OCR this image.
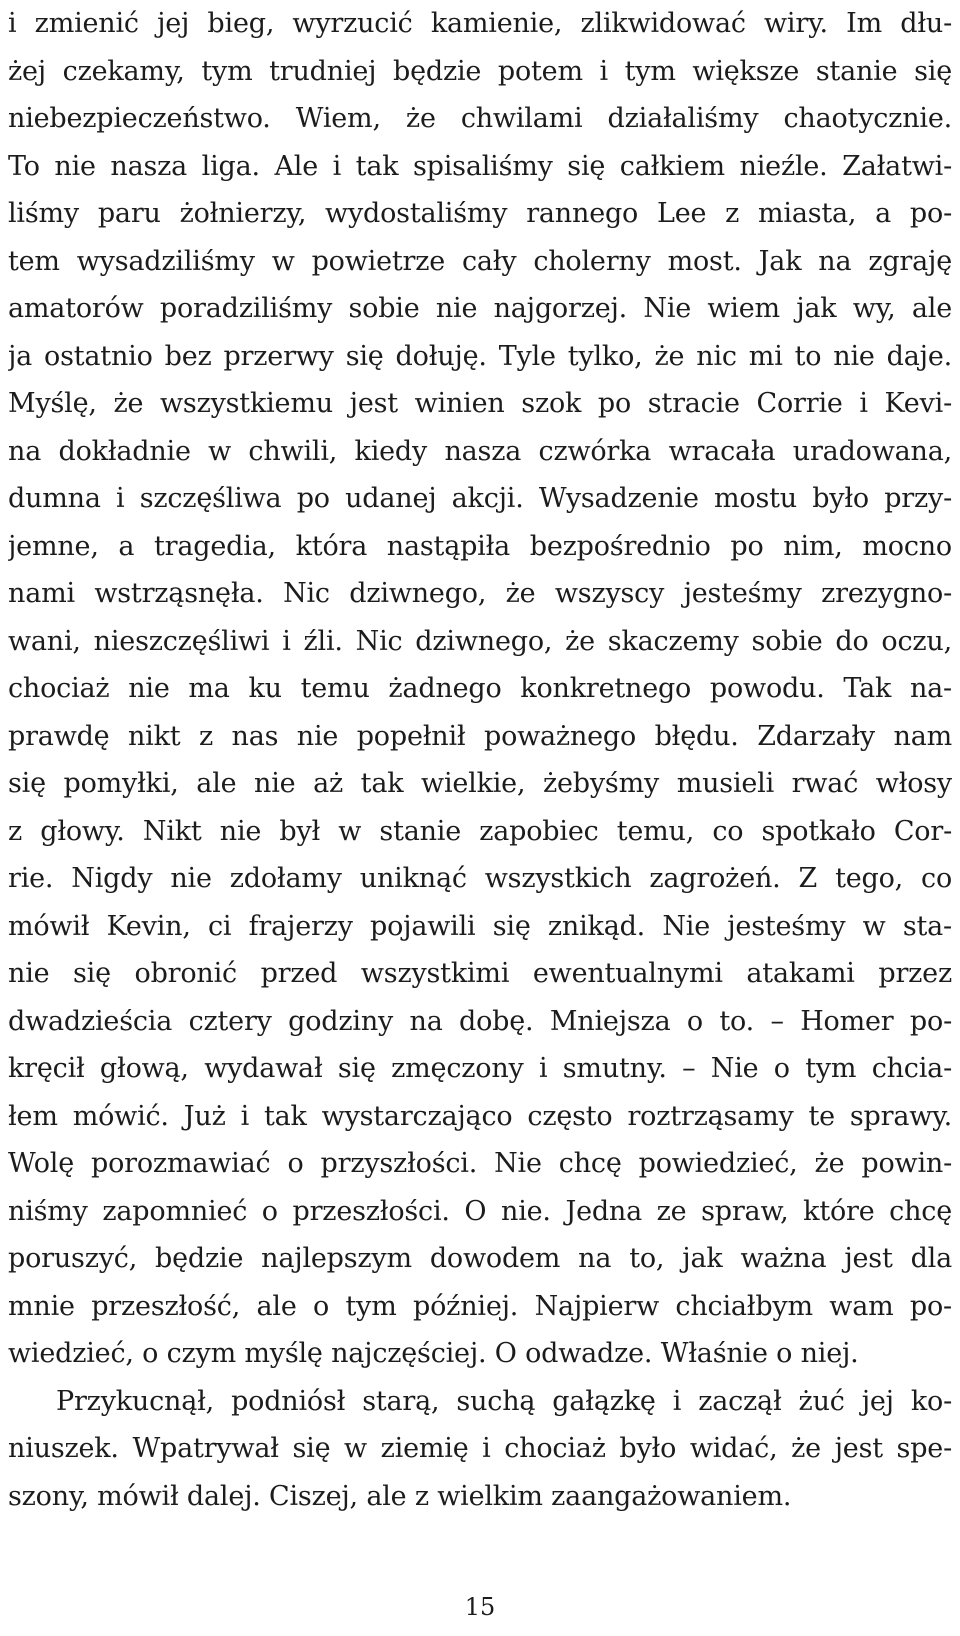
i zmienić jej bieg, wyrzucić kamienie, zlikwidować wiry. Im dłu-
żej czekamy, tym trudniej będzie potem i tym większe stanie się
niebezpieczeństwo. Wiem, że chwilami działaliśmy chaotycznie.
To nie nasza liga. Ale i tak spisaliśmy się całkiem nieźle. Załatwi-
liśmy paru żołnierzy, wydostaliśmy rannego Lee z miasta, a po-
tem wysadziliśmy w powietrze cały cholerny most. Jak na zgraję
amatorów poradziliśmy sobie nie najgorzej. Nie wiem jak wy, ale
ja ostatnio bez przerwy się dołuję. Tyle tylko, że nic mi to nie daje.
Myślę, że wszystkiemu jest winien szok po stracie Corrie i Kevi-
na dokładnie w chwili, kiedy nasza czwórka wracała uradowana,
dumna i szczęśliwa po udanej akcji. Wysadzenie mostu było przy-
jemne, a tragedia, która nastąpiła bezpośrednio po nim, mocno
nami wstrząsnęła. Nic dziwnego, że wszyscy jesteśmy zrezygno-
wani, nieszczęśliwi i źli. Nic dziwnego, że skaczemy sobie do oczu,
chociaż nie ma ku temu żadnego konkretnego powodu. Tak na-
prawdę nikt z nas nie popełnił poważnego błędu. Zdarzały nam
się pomyłki, ale nie aż tak wielkie, żebyśmy musieli rwać włosy
z głowy. Nikt nie był w stanie zapobiec temu, co spotkało Cor-
rie. Nigdy nie zdołamy uniknąć wszystkich zagrożeń. Z tego, co
mówił Kevin, ci frajerzy pojawili się znikąd. Nie jesteśmy w sta-
nie się obronić przed wszystkimi ewentualnymi atakami przez
dwadzieścia cztery godziny na dobę. Mniejsza o to. – Homer po-
kręcił głową, wydawał się zmęczony i smutny. – Nie o tym chcia-
łem mówić. Już i tak wystarczająco często roztrząsamy te sprawy.
Wolę porozmawiać o przyszłości. Nie chcę powiedzieć, że powin-
niśmy zapomnieć o przeszłości. O nie. Jedna ze spraw, które chcę
poruszyć, będzie najlepszym dowodem na to, jak ważna jest dla
mnie przeszłość, ale o tym później. Najpierw chciałbym wam po-
wiedzieć, o czym myślę najczęściej. O odwadze. Właśnie o niej.
Przykucnął, podniósł starą, suchą gałązkę i zaczął żuć jej ko-
niuszek. Wpatrywał się w ziemię i chociaż było widać, że jest spe-
szony, mówił dalej. Ciszej, ale z wielkim zaangażowaniem.
15
